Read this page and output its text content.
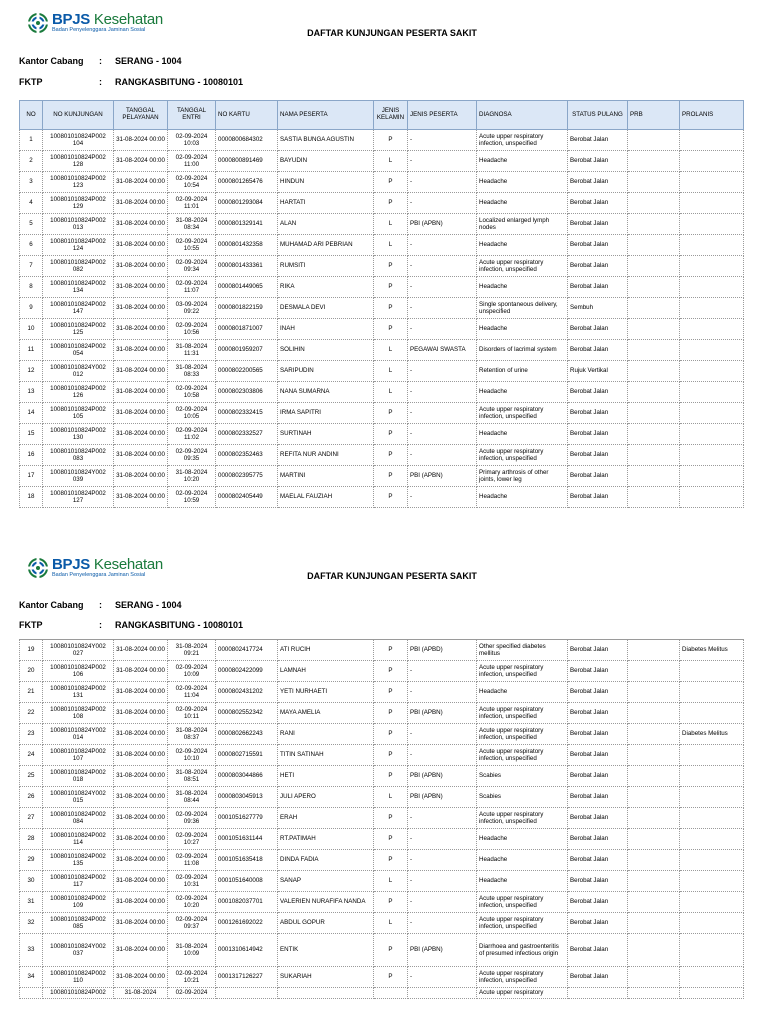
BPJS Kesehatan
Badan Penyelenggara Jaminan Sosial	DAFTAR KUNJUNGAN PESERTA SAKIT
Kantor Cabang	:	SERANG - 1004
FKTP	:	RANGKASBITUNG - 10080101
NO	NO KUNJUNGAN	TANGGAL PELAYANAN	TANGGAL ENTRI	NO KARTU	NAMA PESERTA	JENIS KELAMIN	JENIS PESERTA	DIAGNOSA	STATUS PULANG	PRB	PROLANIS
1	100801010824P002 104	31-08-2024 00:00	02-09-2024 10:03	0000800684302	SASTIA BUNGA AGUSTIN	P	-	Acute upper respiratory infection, unspecified	Berobat Jalan		
2	100801010824P002 128	31-08-2024 00:00	02-09-2024 11:00	0000800891469	BAYUDIN	L	-	Headache	Berobat Jalan		
3	100801010824P002 123	31-08-2024 00:00	02-09-2024 10:54	0000801265476	HINDUN	P	-	Headache	Berobat Jalan		
4	100801010824P002 129	31-08-2024 00:00	02-09-2024 11:01	0000801293084	HARTATI	P	-	Headache	Berobat Jalan		
5	100801010824P002 013	31-08-2024 00:00	31-08-2024 08:34	0000801329141	ALAN	L	PBI (APBN)	Localized enlarged lymph nodes	Berobat Jalan		
6	100801010824P002 124	31-08-2024 00:00	02-09-2024 10:55	0000801432358	MUHAMAD ARI PEBRIAN	L	-	Headache	Berobat Jalan		
7	100801010824P002 082	31-08-2024 00:00	02-09-2024 09:34	0000801433361	RUMSITI	P	-	Acute upper respiratory infection, unspecified	Berobat Jalan		
8	100801010824P002 134	31-08-2024 00:00	02-09-2024 11:07	0000801449065	RIKA	P	-	Headache	Berobat Jalan		
9	100801010824P002 147	31-08-2024 00:00	03-09-2024 09:22	0000801822159	DESMALA DEVI	P	-	Single spontaneous delivery, unspecified	Sembuh		
10	100801010824P002 125	31-08-2024 00:00	02-09-2024 10:56	0000801871007	INAH	P	-	Headache	Berobat Jalan		
11	100801010824P002 054	31-08-2024 00:00	31-08-2024 11:31	0000801959207	SOLIHIN	L	PEGAWAI SWASTA	Disorders of lacrimal system	Berobat Jalan		
12	100801010824Y002 012	31-08-2024 00:00	31-08-2024 08:33	0000802200565	SARIPUDIN	L	-	Retention of urine	Rujuk Vertikal		
13	100801010824P002 126	31-08-2024 00:00	02-09-2024 10:58	0000802303806	NANA SUMARNA	L	-	Headache	Berobat Jalan		
14	100801010824P002 105	31-08-2024 00:00	02-09-2024 10:05	0000802332415	IRMA SAPITRI	P	-	Acute upper respiratory infection, unspecified	Berobat Jalan		
15	100801010824P002 130	31-08-2024 00:00	02-09-2024 11:02	0000802332527	SURTINAH	P	-	Headache	Berobat Jalan		
16	100801010824P002 083	31-08-2024 00:00	02-09-2024 09:35	0000802352463	REFITA NUR ANDINI	P	-	Acute upper respiratory infection, unspecified	Berobat Jalan		
17	100801010824Y002 039	31-08-2024 00:00	31-08-2024 10:20	0000802395775	MARTINI	P	PBI (APBN)	Primary arthrosis of other joints, lower leg	Berobat Jalan		
18	100801010824P002 127	31-08-2024 00:00	02-09-2024 10:59	0000802405449	MAELAL FAUZIAH	P	-	Headache	Berobat Jalan		
BPJS Kesehatan
Badan Penyelenggara Jaminan Sosial	DAFTAR KUNJUNGAN PESERTA SAKIT
Kantor Cabang	:	SERANG - 1004
FKTP	:	RANGKASBITUNG - 10080101
19	100801010824Y002 027	31-08-2024 00:00	31-08-2024 09:21	0000802417724	ATI RUCIH	P	PBI (APBD)	Other specified diabetes mellitus	Berobat Jalan		Diabetes Melitus
20	100801010824P002 106	31-08-2024 00:00	02-09-2024 10:09	0000802422099	LAMNAH	P	-	Acute upper respiratory infection, unspecified	Berobat Jalan		
21	100801010824P002 131	31-08-2024 00:00	02-09-2024 11:04	0000802431202	YETI NURHAETI	P	-	Headache	Berobat Jalan		
22	100801010824P002 108	31-08-2024 00:00	02-09-2024 10:11	0000802552342	MAYA AMELIA	P	PBI (APBN)	Acute upper respiratory infection, unspecified	Berobat Jalan		
23	100801010824Y002 014	31-08-2024 00:00	31-08-2024 08:37	0000802662243	RANI	P	-	Acute upper respiratory infection, unspecified	Berobat Jalan		Diabetes Melitus
24	100801010824P002 107	31-08-2024 00:00	02-09-2024 10:10	0000802715591	TITIN SATINAH	P	-	Acute upper respiratory infection, unspecified	Berobat Jalan		
25	100801010824P002 018	31-08-2024 00:00	31-08-2024 08:51	0000803044866	HETI	P	PBI (APBN)	Scabies	Berobat Jalan		
26	100801010824Y002 015	31-08-2024 00:00	31-08-2024 08:44	0000803045913	JULI APERO	L	PBI (APBN)	Scabies	Berobat Jalan		
27	100801010824P002 084	31-08-2024 00:00	02-09-2024 09:36	0001051627779	ERAH	P	-	Acute upper respiratory infection, unspecified	Berobat Jalan		
28	100801010824P002 114	31-08-2024 00:00	02-09-2024 10:27	0001051631144	RT.PATIMAH	P	-	Headache	Berobat Jalan		
29	100801010824P002 135	31-08-2024 00:00	02-09-2024 11:08	0001051635418	DINDA FADIA	P	-	Headache	Berobat Jalan		
30	100801010824P002 117	31-08-2024 00:00	02-09-2024 10:31	0001051640008	SANAP	L	-	Headache	Berobat Jalan		
31	100801010824P002 109	31-08-2024 00:00	02-09-2024 10:20	0001082037701	VALERIEN NURAFIFA NANDA	P	-	Acute upper respiratory infection, unspecified	Berobat Jalan		
32	100801010824P002 085	31-08-2024 00:00	02-09-2024 09:37	0001261692022	ABDUL GOPUR	L	-	Acute upper respiratory infection, unspecified	Berobat Jalan		
33	100801010824Y002 037	31-08-2024 00:00	31-08-2024 10:09	0001310614942	ENTIK	P	PBI (APBN)	Diarrhoea and gastroenteritis of presumed infectious origin	Berobat Jalan		
34	100801010824P002 110	31-08-2024 00:00	02-09-2024 10:21	0001317126227	SUKARIAH	P	-	Acute upper respiratory infection, unspecified	Berobat Jalan		
	100801010824P002	31-08-2024	02-09-2024					Acute upper respiratory			
